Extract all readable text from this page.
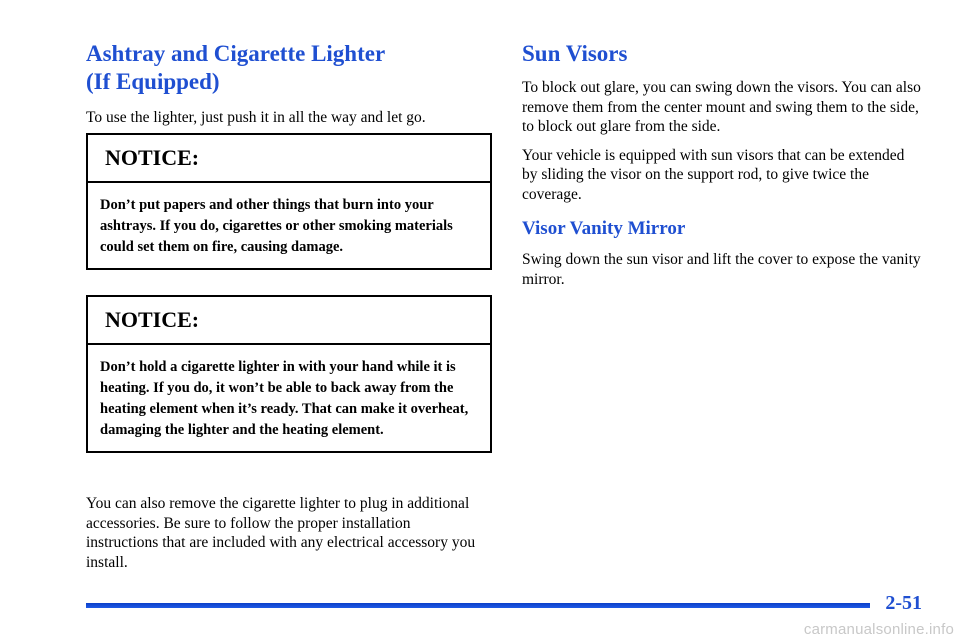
Ashtray and Cigarette Lighter
(If Equipped)

To use the lighter, just push it in all the way and let go.

NOTICE:
Don’t put papers and other things that burn into your ashtrays. If you do, cigarettes or other smoking materials could set them on fire, causing damage.
NOTICE:
Don’t hold a cigarette lighter in with your hand while it is heating. If you do, it won’t be able to back away from the heating element when it’s ready. That can make it overheat, damaging the lighter and the heating element.

You can also remove the cigarette lighter to plug in additional accessories. Be sure to follow the proper installation instructions that are included with any electrical accessory you install.

Sun Visors

To block out glare, you can swing down the visors. You can also remove them from the center mount and swing them to the side, to block out glare from the side.

Your vehicle is equipped with sun visors that can be extended by sliding the visor on the support rod, to give twice the coverage.

Visor Vanity Mirror

Swing down the sun visor and lift the cover to expose the vanity mirror.

2-51
carmanualsonline.info
